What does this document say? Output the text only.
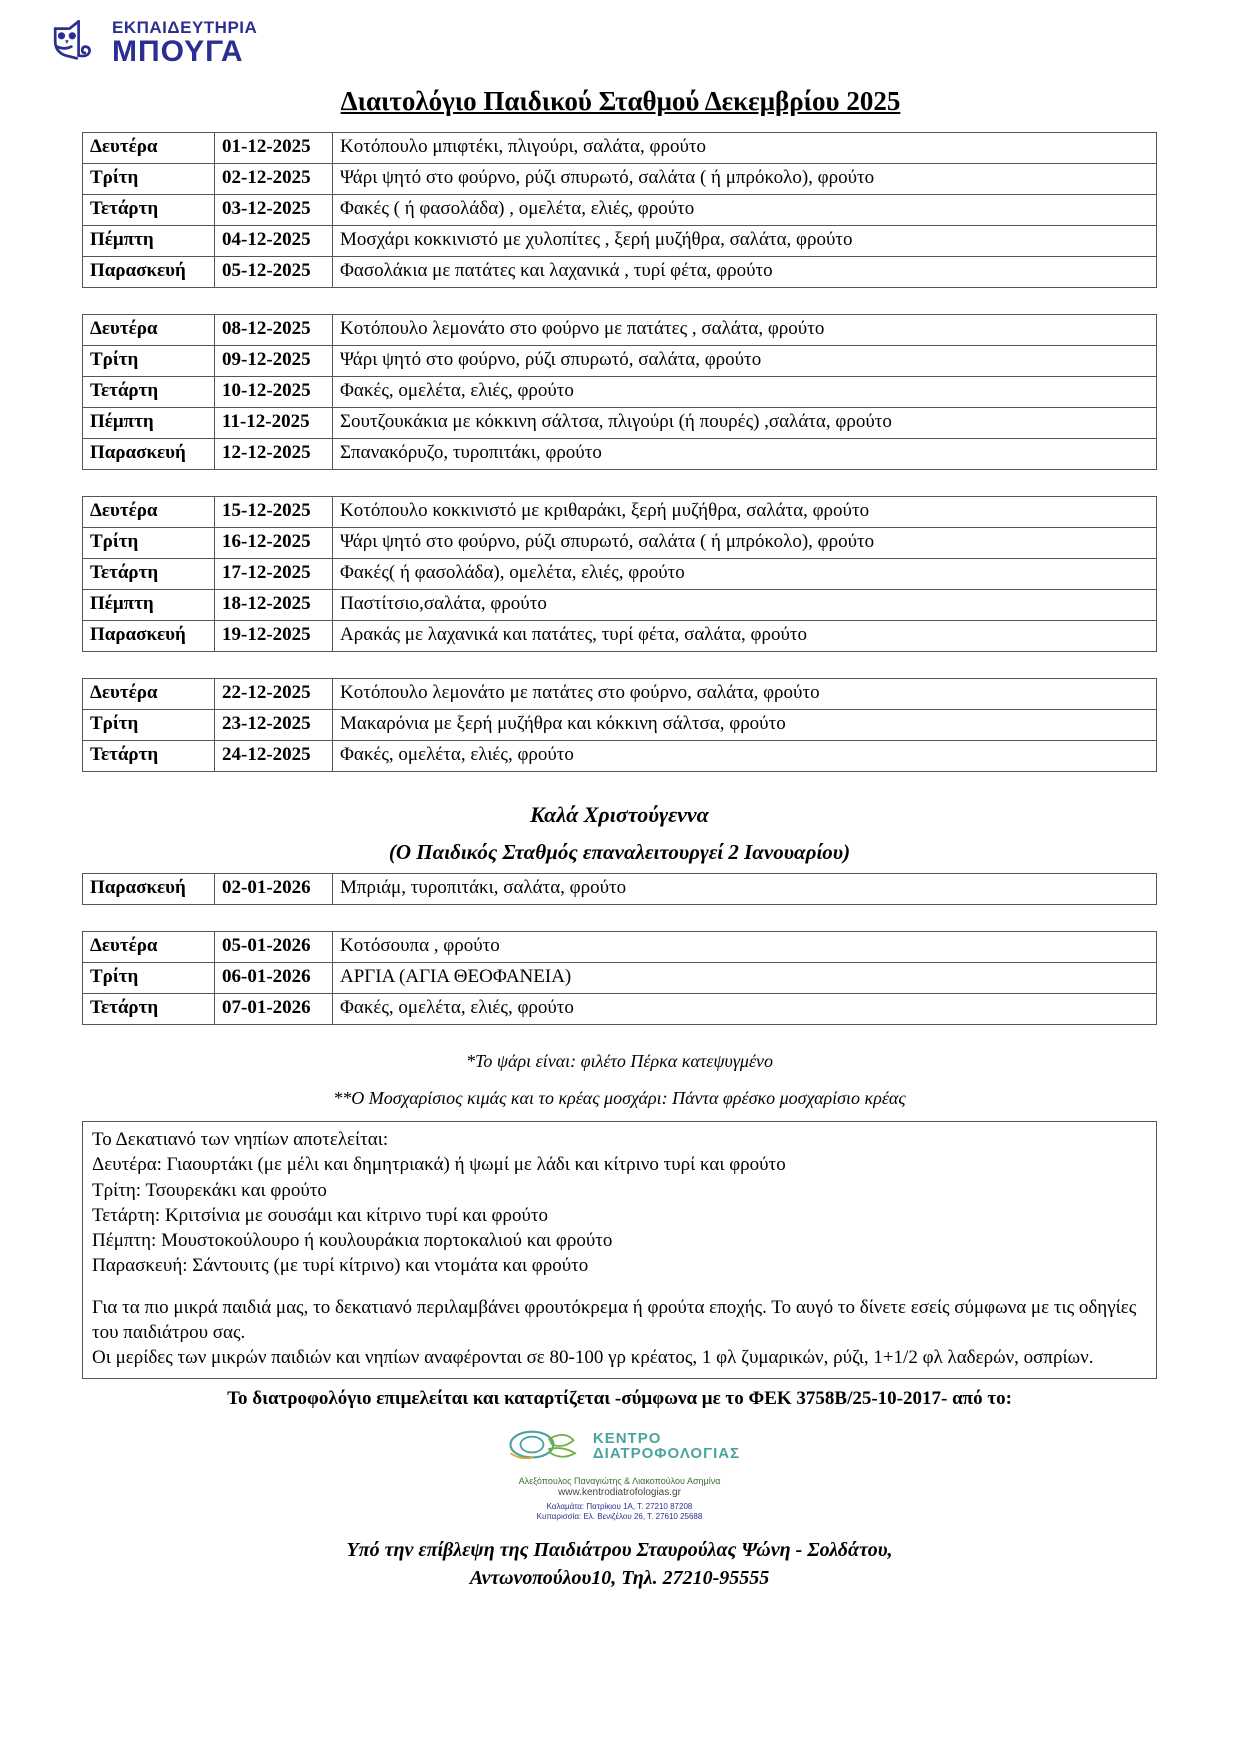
ΕΚΠΑΙΔΕΥΤΗΡΙΑ
ΜΠΟΥΓΑ
Διαιτολόγιο Παιδικού Σταθμού Δεκεμβρίου 2025
Δευτέρα	01-12-2025	Κοτόπουλο μπιφτέκι, πλιγούρι, σαλάτα, φρούτο
Τρίτη	02-12-2025	Ψάρι ψητό στο φούρνο, ρύζι σπυρωτό, σαλάτα ( ή μπρόκολο), φρούτο
Τετάρτη	03-12-2025	Φακές ( ή φασολάδα) , ομελέτα, ελιές, φρούτο
Πέμπτη	04-12-2025	Μοσχάρι κοκκινιστό με χυλοπίτες , ξερή μυζήθρα, σαλάτα, φρούτο
Παρασκευή	05-12-2025	Φασολάκια με πατάτες και λαχανικά , τυρί φέτα, φρούτο
Δευτέρα	08-12-2025	Κοτόπουλο λεμονάτο στο φούρνο με πατάτες , σαλάτα, φρούτο
Τρίτη	09-12-2025	Ψάρι ψητό στο φούρνο, ρύζι σπυρωτό, σαλάτα, φρούτο
Τετάρτη	10-12-2025	Φακές, ομελέτα, ελιές, φρούτο
Πέμπτη	11-12-2025	Σουτζουκάκια με κόκκινη σάλτσα, πλιγούρι (ή πουρές) ,σαλάτα, φρούτο
Παρασκευή	12-12-2025	Σπανακόρυζο, τυροπιτάκι, φρούτο
Δευτέρα	15-12-2025	Κοτόπουλο κοκκινιστό με κριθαράκι, ξερή μυζήθρα, σαλάτα, φρούτο
Τρίτη	16-12-2025	Ψάρι ψητό στο φούρνο, ρύζι σπυρωτό, σαλάτα ( ή μπρόκολο), φρούτο
Τετάρτη	17-12-2025	Φακές( ή φασολάδα), ομελέτα, ελιές, φρούτο
Πέμπτη	18-12-2025	Παστίτσιο,σαλάτα, φρούτο
Παρασκευή	19-12-2025	Αρακάς με λαχανικά και πατάτες, τυρί φέτα, σαλάτα, φρούτο
Δευτέρα	22-12-2025	Κοτόπουλο λεμονάτο με πατάτες στο φούρνο, σαλάτα, φρούτο
Τρίτη	23-12-2025	Μακαρόνια με ξερή μυζήθρα και κόκκινη σάλτσα, φρούτο
Τετάρτη	24-12-2025	Φακές, ομελέτα, ελιές, φρούτο
Καλά Χριστούγεννα
(Ο Παιδικός Σταθμός επαναλειτουργεί 2 Ιανουαρίου)
Παρασκευή	02-01-2026	Μπριάμ, τυροπιτάκι, σαλάτα, φρούτο
Δευτέρα	05-01-2026	Κοτόσουπα , φρούτο
Τρίτη	06-01-2026	ΑΡΓΙΑ (ΑΓΙΑ ΘΕΟΦΑΝΕΙΑ)
Τετάρτη	07-01-2026	Φακές, ομελέτα, ελιές, φρούτο
*Το ψάρι είναι: φιλέτο Πέρκα κατεψυγμένο
**Ο Μοσχαρίσιος κιμάς και το κρέας μοσχάρι: Πάντα φρέσκο μοσχαρίσιο κρέας

Το Δεκατιανό των νηπίων αποτελείται:

Δευτέρα: Γιαουρτάκι (με μέλι και δημητριακά) ή ψωμί με λάδι και κίτρινο τυρί και φρούτο

Τρίτη: Τσουρεκάκι και φρούτο

Τετάρτη: Κριτσίνια με σουσάμι και κίτρινο τυρί και φρούτο

Πέμπτη: Μουστοκούλουρο ή κουλουράκια πορτοκαλιού και φρούτο

Παρασκευή: Σάντουιτς (με τυρί κίτρινο) και ντομάτα και φρούτο

Για τα πιο μικρά παιδιά μας, το δεκατιανό περιλαμβάνει φρουτόκρεμα ή φρούτα εποχής. Το αυγό το δίνετε εσείς σύμφωνα με τις οδηγίες του παιδιάτρου σας.

Οι μερίδες των μικρών παιδιών και νηπίων αναφέρονται σε 80-100 γρ κρέατος, 1 φλ ζυμαρικών, ρύζι, 1+1/2 φλ λαδερών, οσπρίων.

Το διατροφολόγιο επιμελείται και καταρτίζεται -σύμφωνα με το ΦΕΚ 3758Β/25-10-2017- από το:
ΚΕΝΤΡΟ
ΔΙΑΤΡΟΦΟΛΟΓΙΑΣ
Αλεξόπουλος Παναγιώτης & Λιακοπούλου Ασημίνα
www.kentrodiatrofologias.gr
Καλαμάτα: Πατρίκιου 1Α, Τ. 27210 87208
Κυπαρισσία: Ελ. Βενιζέλου 26, Τ. 27610 25688
Υπό την επίβλεψη της Παιδιάτρου Σταυρούλας Ψώνη - Σολδάτου,
Αντωνοπούλου10, Τηλ. 27210-95555
